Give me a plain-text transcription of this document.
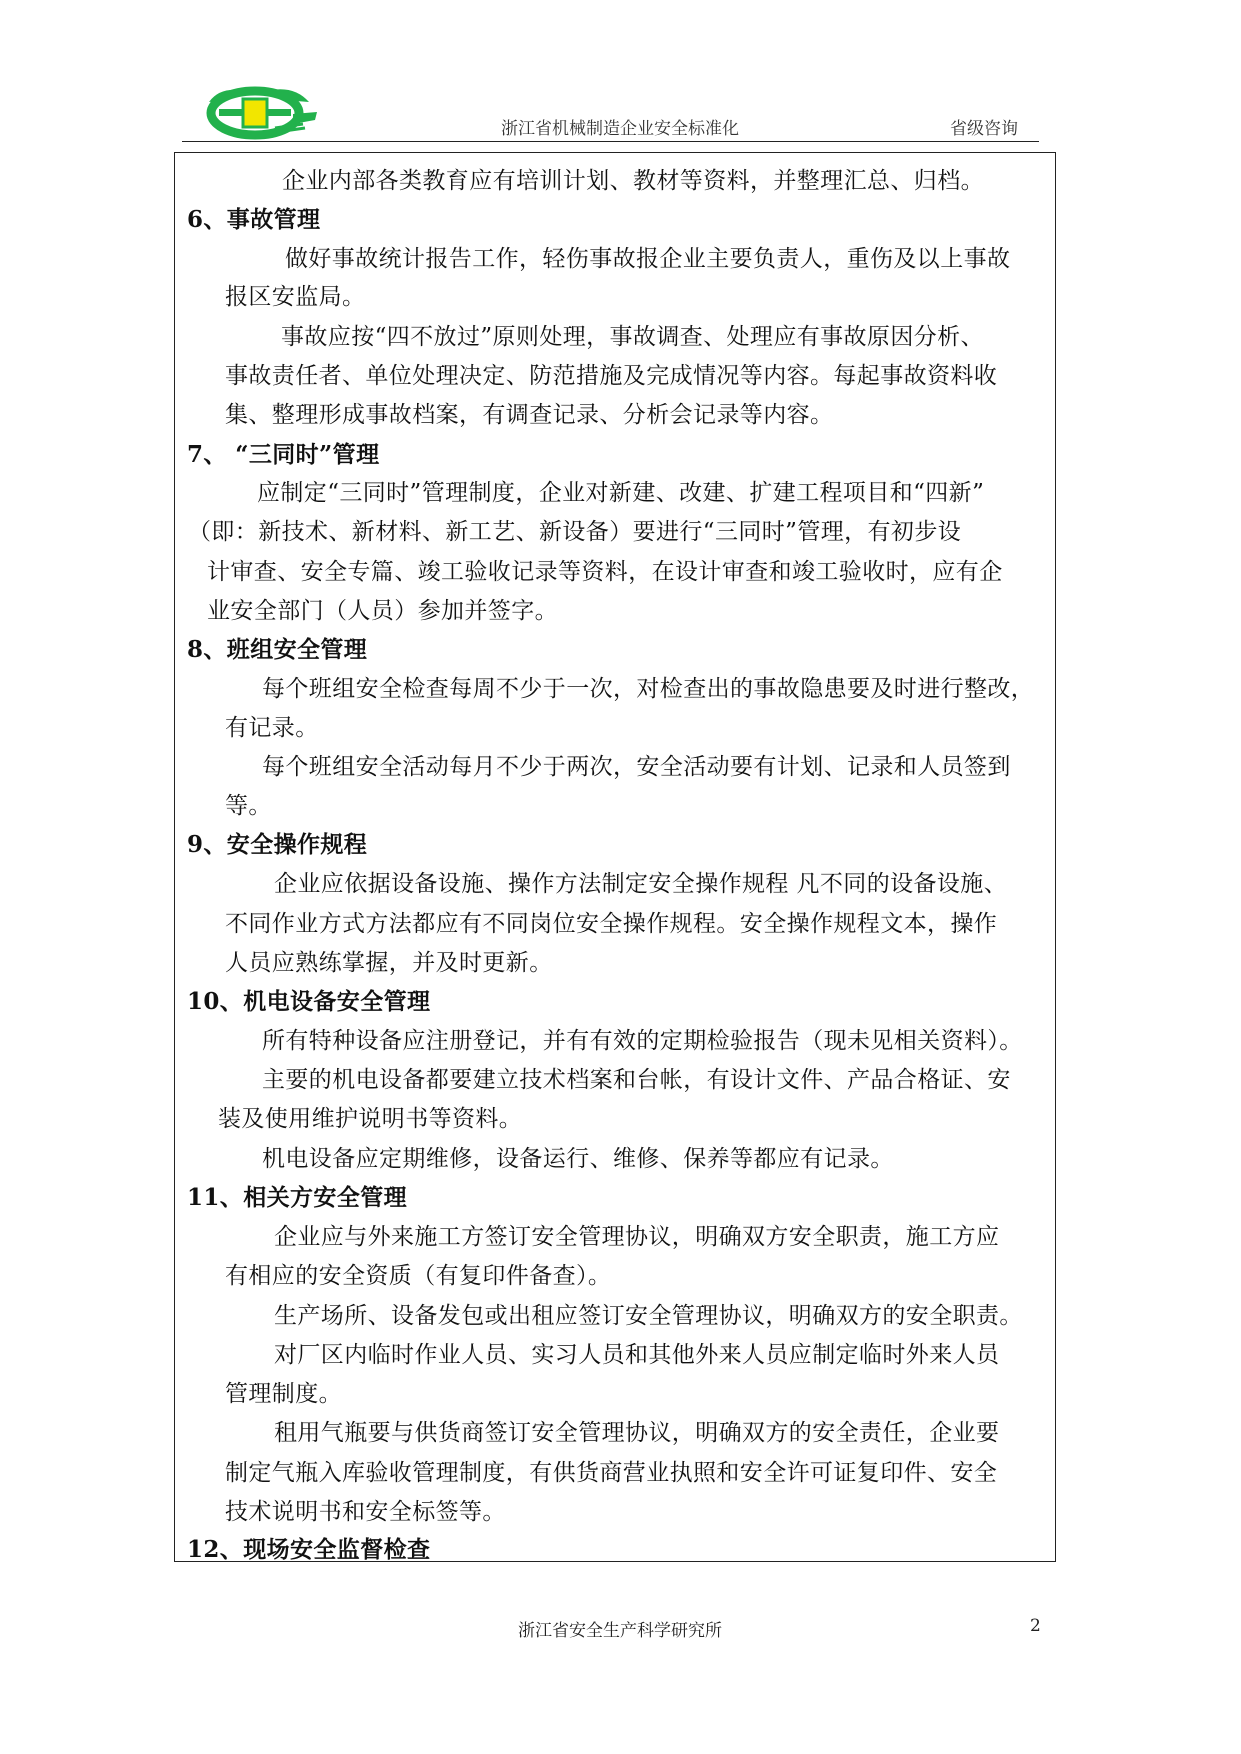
浙江省机械制造企业安全标准化	省级咨询
企业内部各类教育应有培训计划、教材等资料，并整理汇总、归档。
6、事故管理
做好事故统计报告工作，轻伤事故报企业主要负责人，重伤及以上事故
报区安监局。
事故应按“四不放过”原则处理，事故调查、处理应有事故原因分析、
事故责任者、单位处理决定、防范措施及完成情况等内容。每起事故资料收
集、整理形成事故档案，有调查记录、分析会记录等内容。
7、 “三同时”管理
应制定“三同时”管理制度，企业对新建、改建、扩建工程项目和“四新”
（即：新技术、新材料、新工艺、新设备）要进行“三同时”管理，有初步设
计审查、安全专篇、竣工验收记录等资料，在设计审查和竣工验收时，应有企
业安全部门（人员）参加并签字。
8、班组安全管理
每个班组安全检查每周不少于一次，对检查出的事故隐患要及时进行整改，
有记录。
每个班组安全活动每月不少于两次，安全活动要有计划、记录和人员签到
等。
9、安全操作规程
企业应依据设备设施、操作方法制定安全操作规程 凡不同的设备设施、
不同作业方式方法都应有不同岗位安全操作规程。安全操作规程文本，操作
人员应熟练掌握，并及时更新。
10、机电设备安全管理
所有特种设备应注册登记，并有有效的定期检验报告（现未见相关资料）。
主要的机电设备都要建立技术档案和台帐，有设计文件、产品合格证、安
装及使用维护说明书等资料。
机电设备应定期维修，设备运行、维修、保养等都应有记录。
11、相关方安全管理
企业应与外来施工方签订安全管理协议，明确双方安全职责，施工方应
有相应的安全资质（有复印件备查）。
生产场所、设备发包或出租应签订安全管理协议，明确双方的安全职责。
对厂区内临时作业人员、实习人员和其他外来人员应制定临时外来人员
管理制度。
租用气瓶要与供货商签订安全管理协议，明确双方的安全责任，企业要
制定气瓶入库验收管理制度，有供货商营业执照和安全许可证复印件、安全
技术说明书和安全标签等。
12、现场安全监督检查
浙江省安全生产科学研究所	2
